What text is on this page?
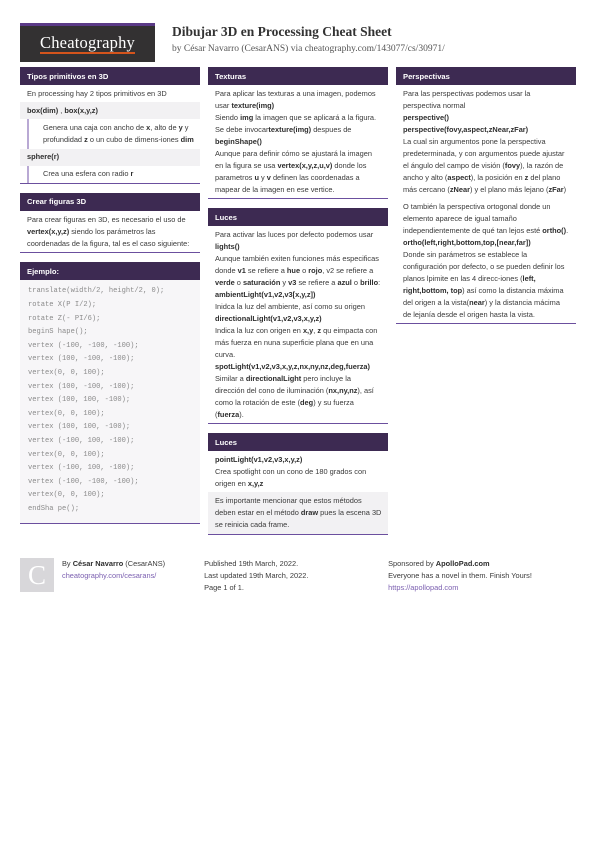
Cheatography
Dibujar 3D en Processing Cheat Sheet
by César Navarro (CesarANS) via cheatography.com/143077/cs/30971/
Tipos primitivos en 3D
En processing hay 2 tipos primitivos en 3D
box(dim) , box(x,y,z)
Genera una caja con ancho de x, alto de y y profundidad z o un cubo de dimens-iones dim
sphere(r)
Crea una esfera con radio r
Crear figuras 3D
Para crear figuras en 3D, es necesario el uso de vertex(x,y,z) siendo los parámetros las coordenadas de la figura, tal es el caso siguiente:
Ejemplo:
translate(width/2, height/2, 0);
rotate X(P I/2);
rotate Z(- PI/6);
beginS hape();
vertex (-100, -100, -100);
vertex (100, -100, -100);
vertex(0, 0, 100);
vertex (100, -100, -100);
vertex (100, 100, -100);
vertex(0, 0, 100);
vertex (100, 100, -100);
vertex (-100, 100, -100);
vertex(0, 0, 100);
vertex (-100, 100, -100);
vertex (-100, -100, -100);
vertex(0, 0, 100);
endSha pe();
Texturas
Para aplicar las texturas a una imagen, podemos usar texture(img)
Siendo img la imagen que se aplicará a la figura.
Se debe invocartexture(img) despues de beginShape()
Aunque para definir cómo se ajustará la imagen en la figura se usa vertex(x,y,z,u,v) donde los parametros u y v definen las coordenadas a mapear de la imagen en ese vertice.
Luces
Para activar las luces por defecto podemos usar lights()
Aunque también exiten funciones más especificas donde v1 se refiere a hue o rojo, v2 se refiere a verde o saturación y v3 se refiere a azul o brillo:
ambientLight(v1,v2,v3[x,y,z])
Inidca la luz del ambiente, así como su origen
directionalLight(v1,v2,v3,x,y,z)
Indica la luz con origen en x,y, z qu eimpacta con más fuerza en nuna superficie plana que en una curva.
spotLight(v1,v2,v3,x,y,z,nx,ny,nz,deg,fuerza)
Similar a directionalLight pero incluye la dirección del cono de iluminación (nx,ny,nz), así como la rotación de este (deg) y su fuerza (fuerza).
Luces
pointLight(v1,v2,v3,x,y,z)
Crea spotlight con un cono de 180 grados con origen en x,y,z
Es importante mencionar que estos métodos deben estar en el método draw pues la escena 3D se reinicia cada frame.
Perspectivas
Para las perspectivas podemos usar la perspectiva normal
perspective()
perspective(fovy,aspect,zNear,zFar)
La cual sin argumentos pone la perspectiva predeterminada, y con argumentos puede ajustar el ángulo del campo de visión (fovy), la razón de ancho y alto (aspect), la posición en z del plano más cercano (zNear) y el plano más lejano (zFar)
O también la perspectiva ortogonal donde un elemento aparece de igual tamaño independientemente de qué tan lejos esté ortho().
ortho(left,right,bottom,top,[near,far])
Donde sin parámetros se establece la configuración por defecto, o se pueden definir los planos lpimite en las 4 direcc-iones (left, right,bottom, top) así como la distancia máxima del origen a la vista(near) y la distancia mácima de lejanía desde el origen hasta la vista.
C	By César Navarro (CesarANS)
cheatography.com/cesarans/
Published 19th March, 2022.
Last updated 19th March, 2022.
Page 1 of 1.
Sponsored by ApolloPad.com
Everyone has a novel in them. Finish Yours!
https://apollopad.com
